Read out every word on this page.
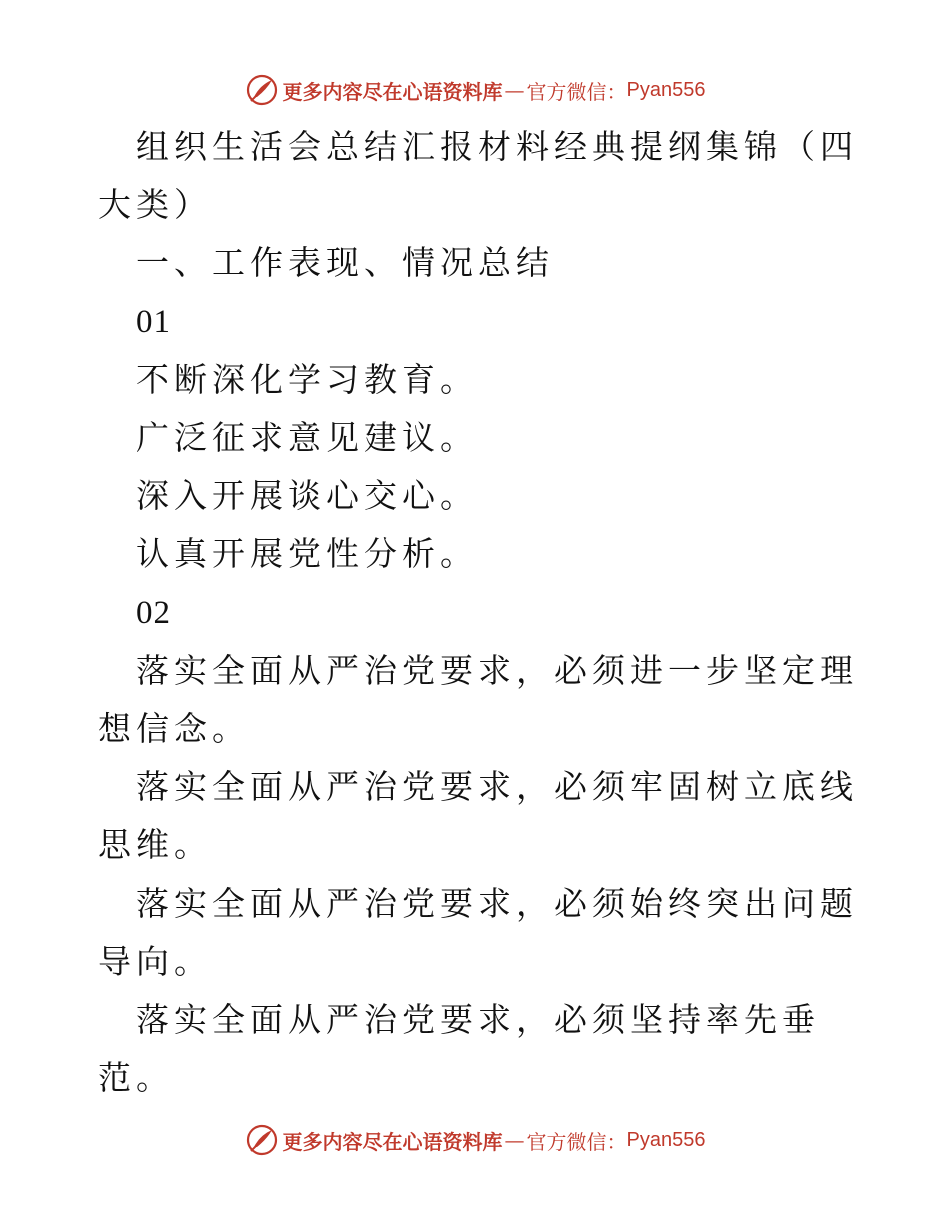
更多内容尽在心语资料库 — 官方微信： Pyan556

组织生活会总结汇报材料经典提纲集锦（四大类）

一、工作表现、情况总结

01

不断深化学习教育。

广泛征求意见建议。

深入开展谈心交心。

认真开展党性分析。

02

落实全面从严治党要求，必须进一步坚定理想信念。

落实全面从严治党要求，必须牢固树立底线思维。

落实全面从严治党要求，必须始终突出问题导向。

落实全面从严治党要求，必须坚持率先垂范。

更多内容尽在心语资料库 — 官方微信： Pyan556
